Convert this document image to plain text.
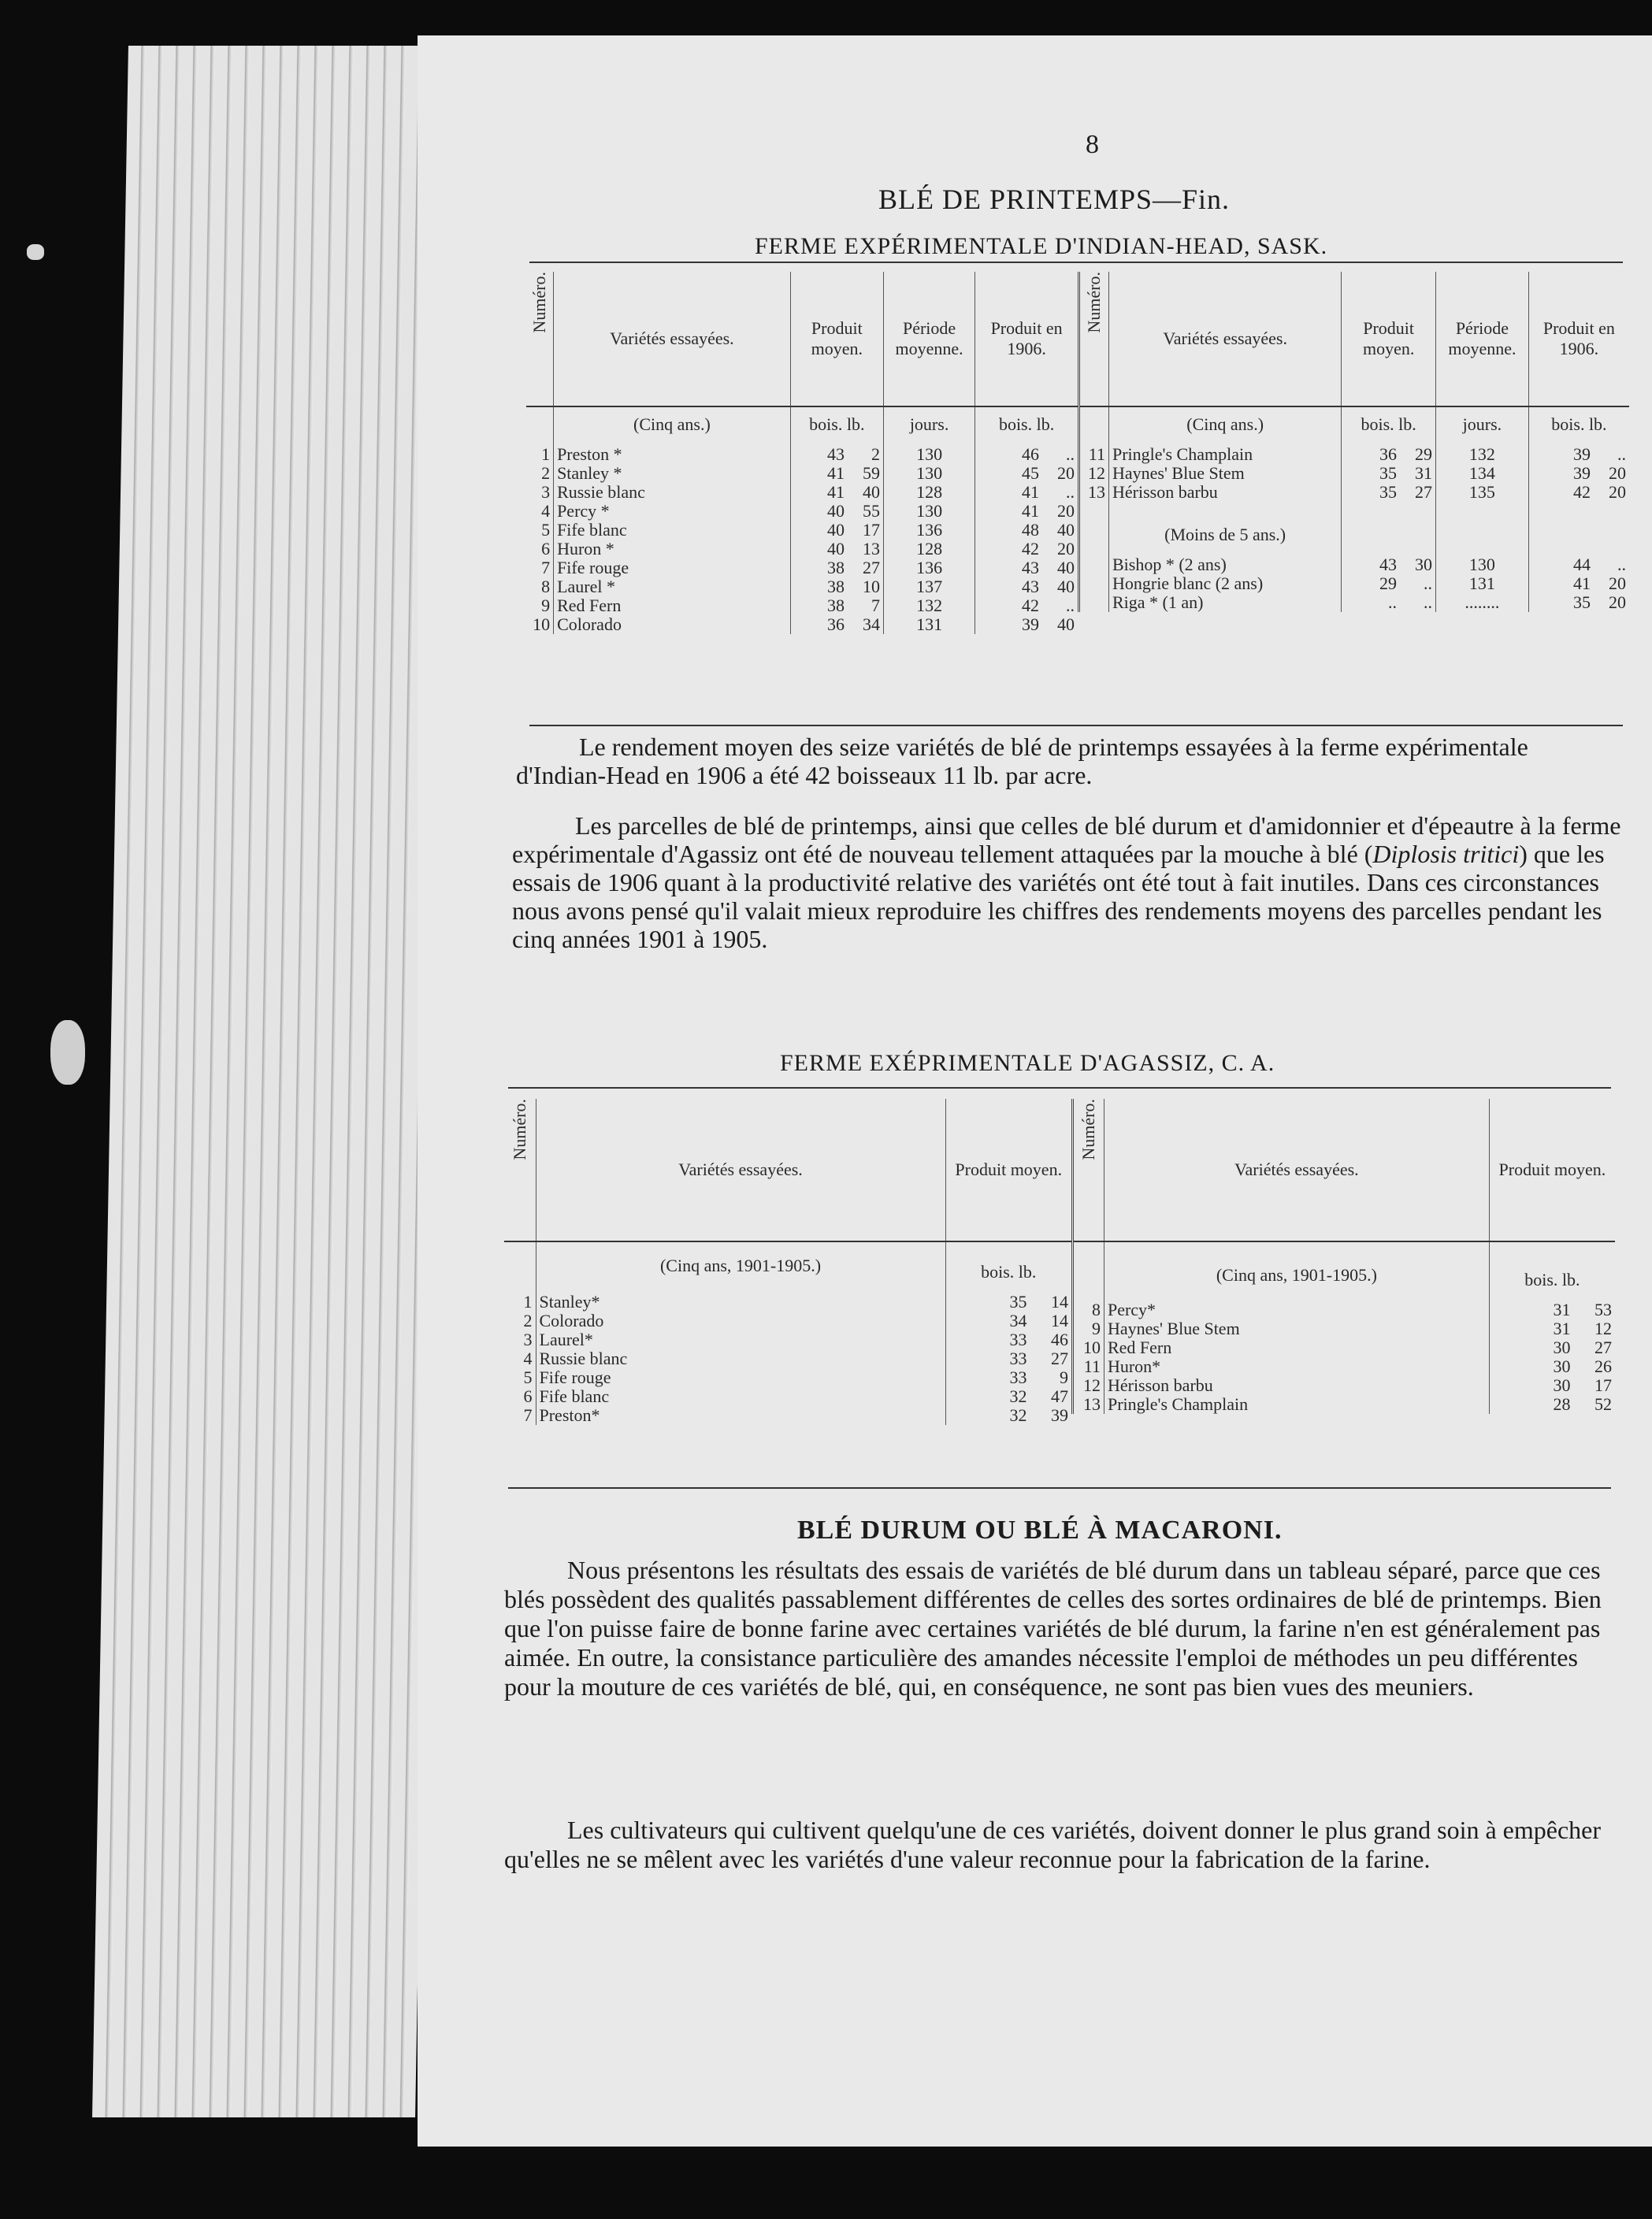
8
BLÉ DE PRINTEMPS—Fin.
FERME EXPÉRIMENTALE D'INDIAN-HEAD, SASK.
Numéro.	Variétés essayées.	Produit moyen.	Période moyenne.	Produit en 1906.
	(Cinq ans.)	bois. lb.	jours.	bois. lb.
1	Preston *	43 2	130	46 ..
2	Stanley *	41 59	130	45 20
3	Russie blanc	41 40	128	41 ..
4	Percy *	40 55	130	41 20
5	Fife blanc	40 17	136	48 40
6	Huron *	40 13	128	42 20
7	Fife rouge	38 27	136	43 40
8	Laurel *	38 10	137	43 40
9	Red Fern	38 7	132	42 ..
10	Colorado	36 34	131	39 40
Numéro.	Variétés essayées.	Produit moyen.	Période moyenne.	Produit en 1906.
	(Cinq ans.)	bois. lb.	jours.	bois. lb.
11	Pringle's Champlain	36 29	132	39 ..
12	Haynes' Blue Stem	35 31	134	39 20
13	Hérisson barbu	35 27	135	42 20
	(Moins de 5 ans.)			
	Bishop * (2 ans)	43 30	130	44 ..
	Hongrie blanc (2 ans)	29 ..	131	41 20
	Riga * (1 an)	.. ..	........	35 20
Le rendement moyen des seize variétés de blé de printemps essayées à la ferme expérimentale d'Indian-Head en 1906 a été 42 boisseaux 11 lb. par acre.
Les parcelles de blé de printemps, ainsi que celles de blé durum et d'amidonnier et d'épeautre à la ferme expérimentale d'Agassiz ont été de nouveau tellement attaquées par la mouche à blé (Diplosis tritici) que les essais de 1906 quant à la productivité relative des variétés ont été tout à fait inutiles. Dans ces circonstances nous avons pensé qu'il valait mieux reproduire les chiffres des rendements moyens des parcelles pendant les cinq années 1901 à 1905.
FERME EXÉPRIMENTALE D'AGASSIZ, C. A.
Numéro.	Variétés essayées.	Produit moyen.
	(Cinq ans, 1901-1905.)	bois. lb.
1	Stanley*	35 14
2	Colorado	34 14
3	Laurel*	33 46
4	Russie blanc	33 27
5	Fife rouge	33 9
6	Fife blanc	32 47
7	Preston*	32 39
Numéro.	Variétés essayées.	Produit moyen.
	(Cinq ans, 1901-1905.)	bois. lb.
8	Percy*	31 53
9	Haynes' Blue Stem	31 12
10	Red Fern	30 27
11	Huron*	30 26
12	Hérisson barbu	30 17
13	Pringle's Champlain	28 52
BLÉ DURUM OU BLÉ À MACARONI.
Nous présentons les résultats des essais de variétés de blé durum dans un tableau séparé, parce que ces blés possèdent des qualités passablement différentes de celles des sortes ordinaires de blé de printemps. Bien que l'on puisse faire de bonne farine avec certaines variétés de blé durum, la farine n'en est généralement pas aimée. En outre, la consistance particulière des amandes nécessite l'emploi de méthodes un peu différentes pour la mouture de ces variétés de blé, qui, en conséquence, ne sont pas bien vues des meuniers.
Les cultivateurs qui cultivent quelqu'une de ces variétés, doivent donner le plus grand soin à empêcher qu'elles ne se mêlent avec les variétés d'une valeur reconnue pour la fabrication de la farine.
